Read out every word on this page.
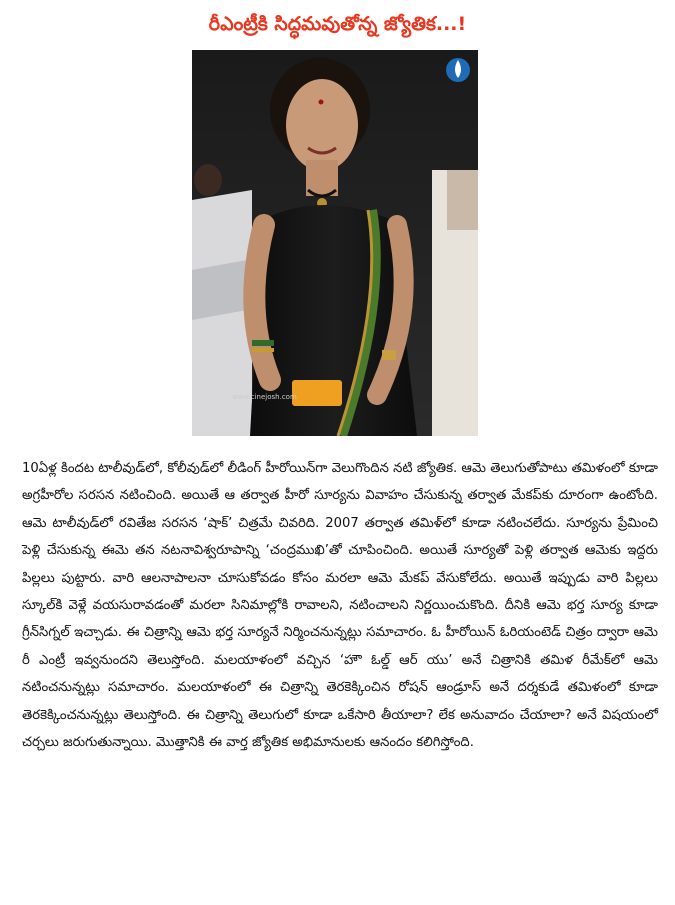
రీఎంట్రీకి సిద్ధమవుతోన్న జ్యోతిక...!
www.cinejosh.com

10ఏళ్ల కిందట టాలీవుడ్‌లో, కోలీవుడ్‌లో లీడింగ్ హీరోయిన్‌గా వెలుగొందిన నటి జ్యోతిక. ఆమె తెలుగుతోపాటు తమిళంలో కూడా అగ్రహీరోల సరసన నటించింది. అయితే ఆ తర్వాత హీరో సూర్యను వివాహం చేసుకున్న తర్వాత మేకప్‌కు దూరంగా ఉంటోంది. ఆమె టాలీవుడ్‌లో రవితేజ సరసన ‘షాక్’ చిత్రమే చివరిది. 2007 తర్వాత తమిళ్‌లో కూడా నటించలేదు. సూర్యను ప్రేమించి పెళ్లి చేసుకున్న ఈమె తన నటనావిశ్వరూపాన్ని ‘చంద్రముఖి’తో చూపించింది. అయితే సూర్యతో పెళ్లి తర్వాత ఆమెకు ఇద్దరు పిల్లలు పుట్టారు. వారి ఆలనాపాలనా చూసుకోవడం కోసం మరలా ఆమె మేకప్ వేసుకోలేదు. అయితే ఇప్పుడు వారి పిల్లలు స్కూల్‌కి వెళ్లే వయసురావడంతో మరలా సినిమాల్లోకి రావాలని, నటించాలని నిర్ణయించుకొంది. దీనికి ఆమె భర్త సూర్య కూడా గ్రీన్‌సిగ్నల్ ఇచ్చాడు. ఈ చిత్రాన్ని ఆమె భర్త సూర్యనే నిర్మించనున్నట్లు సమాచారం. ఓ హీరోయిన్ ఓరియంటెడ్ చిత్రం ద్వారా ఆమె రీ ఎంట్రీ ఇవ్వనుందని తెలుస్తోంది. మలయాళంలో వచ్చిన ‘హౌ ఓల్డ్ ఆర్ యు’ అనే చిత్రానికి తమిళ రీమేక్‌లో ఆమె నటించనున్నట్లు సమాచారం. మలయాళంలో ఈ చిత్రాన్ని తెరకెక్కించిన రోషన్ ఆండ్రూస్ అనే దర్శకుడే తమిళంలో కూడా తెరకెక్కించనున్నట్లు తెలుస్తోంది. ఈ చిత్రాన్ని తెలుగులో కూడా ఒకేసారి తీయాలా? లేక అనువాదం చేయాలా? అనే విషయంలో చర్చలు జరుగుతున్నాయి. మొత్తానికి ఈ వార్త జ్యోతిక అభిమానులకు ఆనందం కలిగిస్తోంది.
